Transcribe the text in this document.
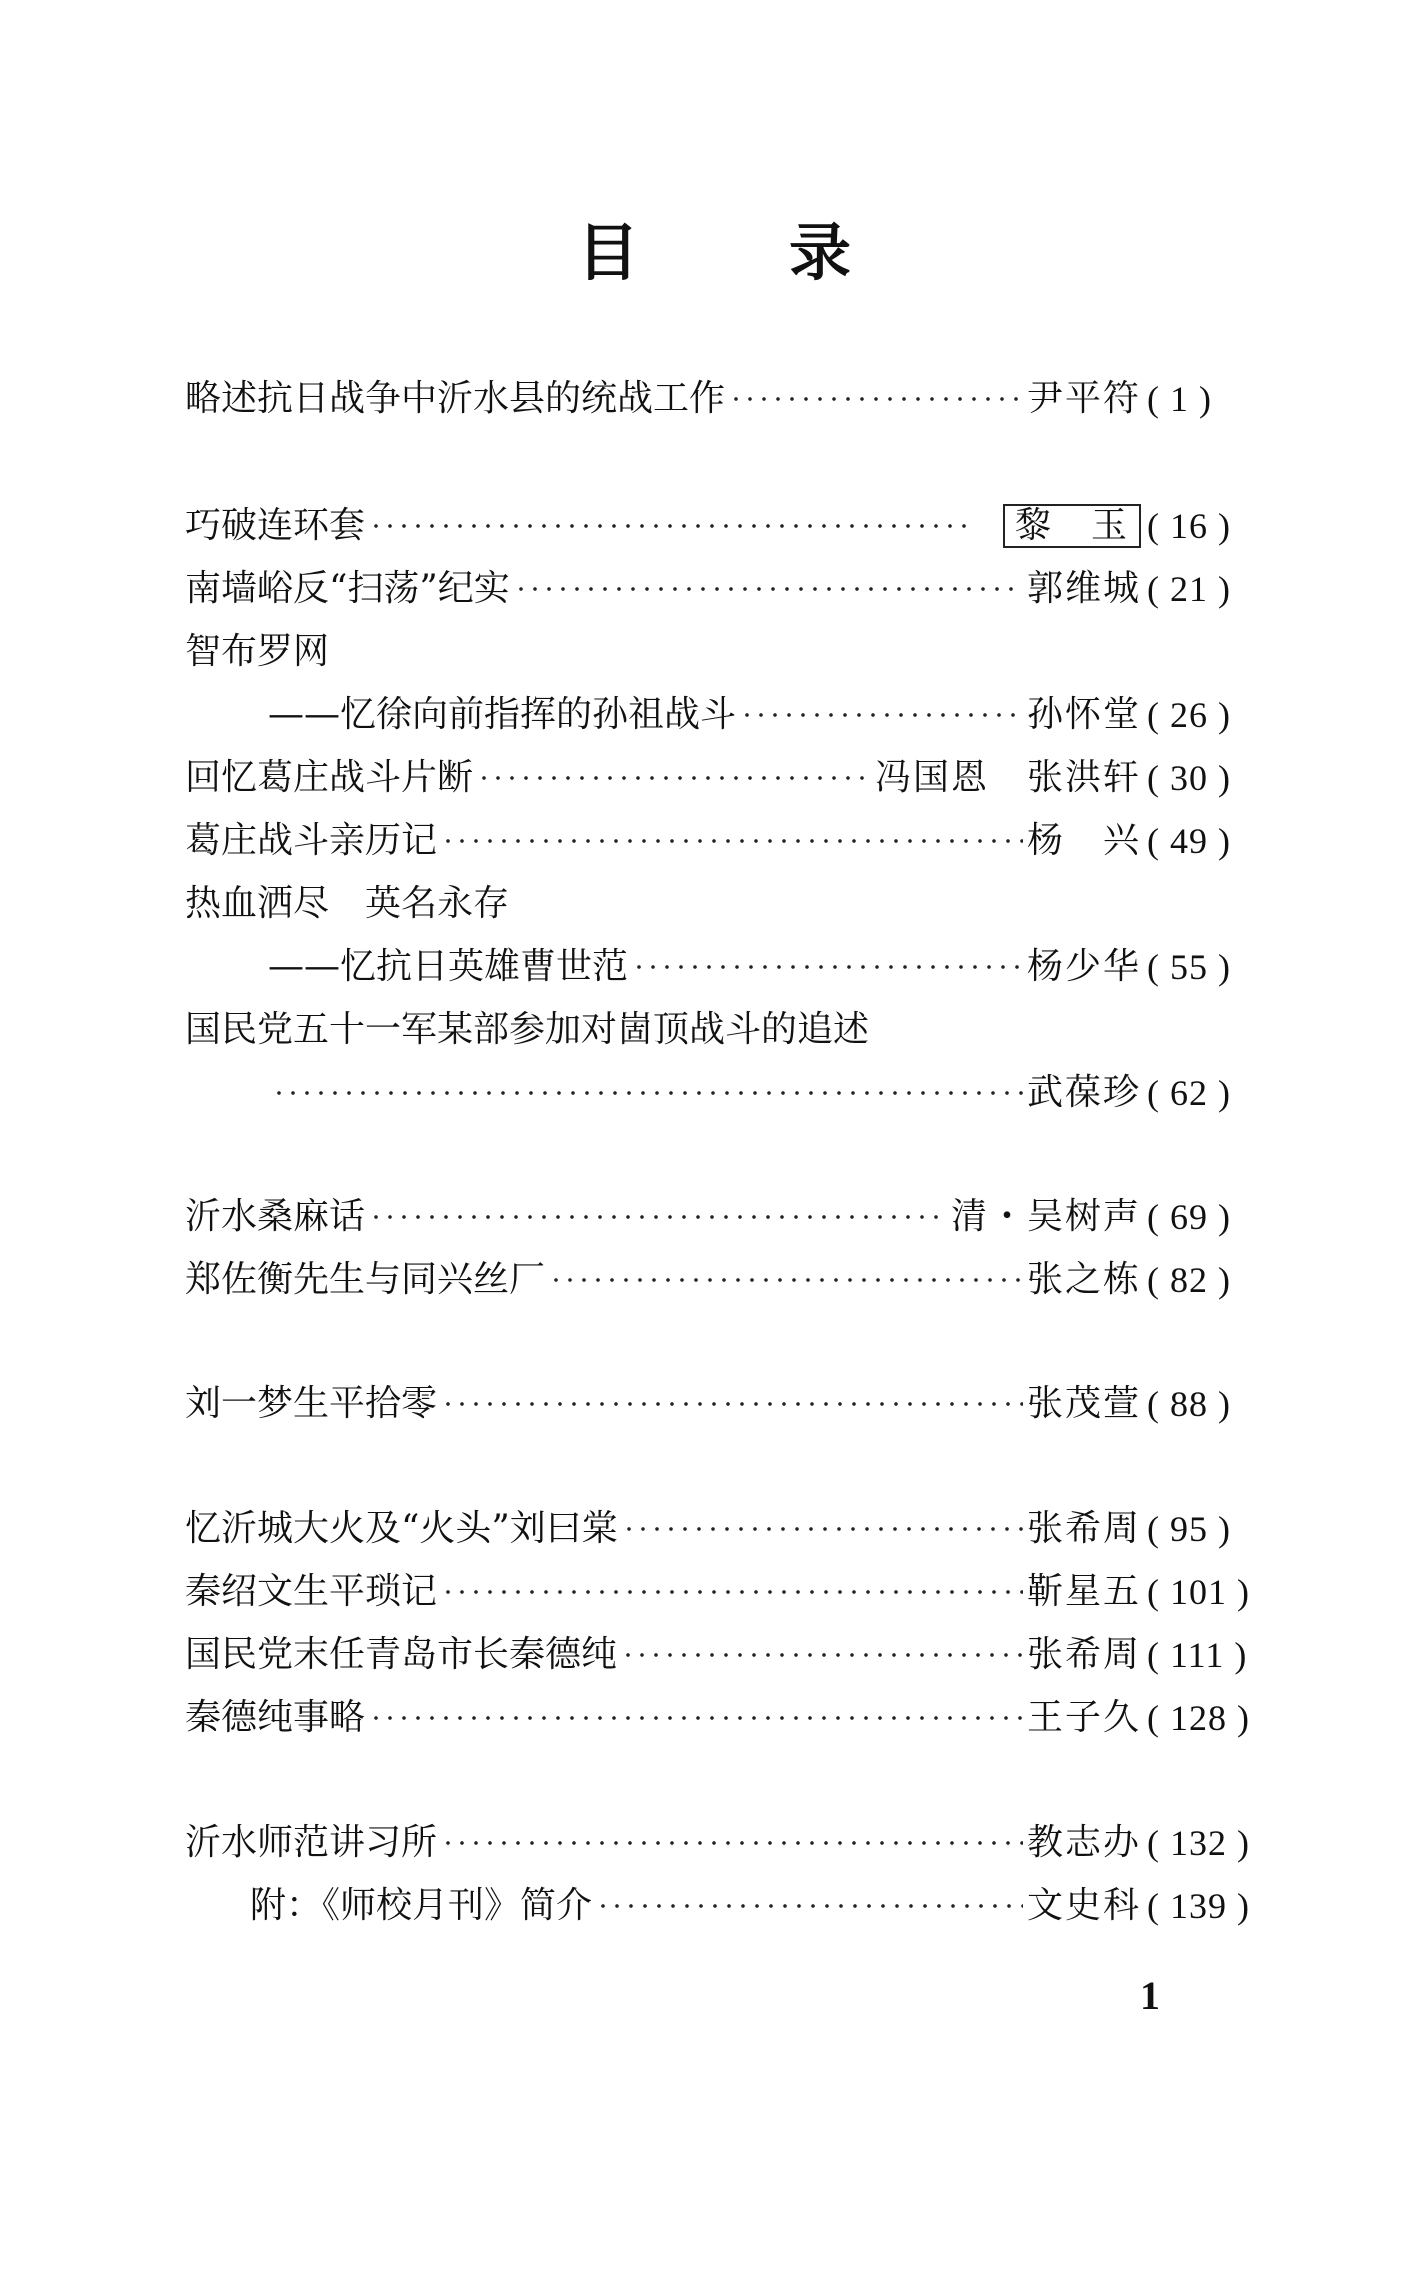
目 录
略述抗日战争中沂水县的统战工作	尹平符 ( 1 )
巧破连环套	黎　玉 ( 16 )
南墙峪反“扫荡”纪实	郭维城 ( 21 )
智布罗网
——忆徐向前指挥的孙祖战斗	孙怀堂 ( 26 )
回忆葛庄战斗片断	冯国恩　张洪轩 ( 30 )
葛庄战斗亲历记	杨　兴 ( 49 )
热血洒尽　英名永存
——忆抗日英雄曹世范	杨少华 ( 55 )
国民党五十一军某部参加对崮顶战斗的追述
武葆珍 ( 62 )
沂水桑麻话	清・吴树声 ( 69 )
郑佐衡先生与同兴丝厂	张之栋 ( 82 )
刘一梦生平拾零	张茂萱 ( 88 )
忆沂城大火及“火头”刘曰棠	张希周 ( 95 )
秦绍文生平琐记	靳星五 ( 101 )
国民党末任青岛市长秦德纯	张希周 ( 111 )
秦德纯事略	王子久 ( 128 )
沂水师范讲习所	教志办 ( 132 )
附：《师校月刊》简介	文史科 ( 139 )
1
